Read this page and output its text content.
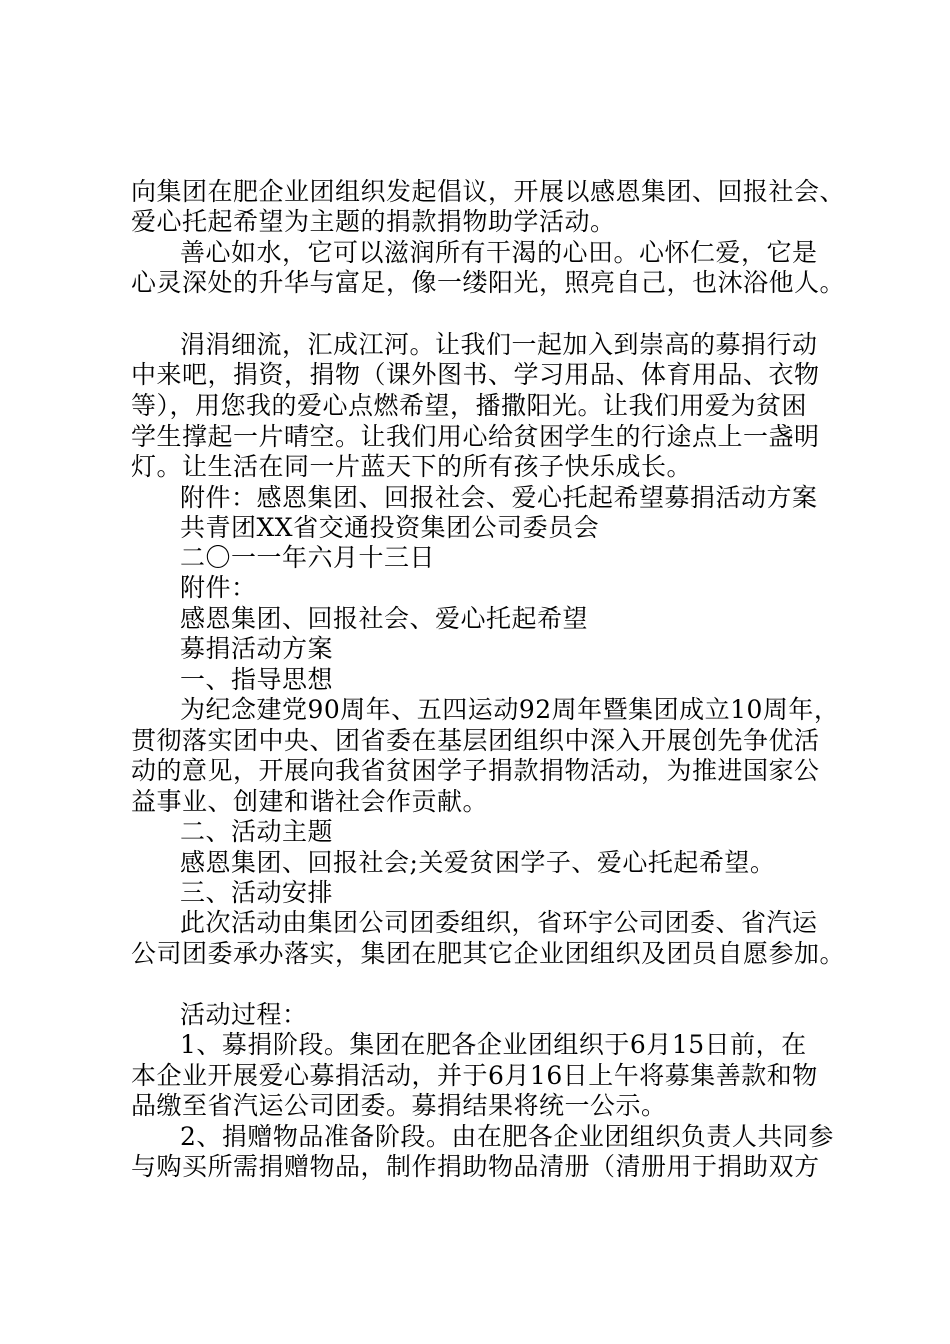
向集团在肥企业团组织发起倡议，开展以感恩集团、回报社会、
爱心托起希望为主题的捐款捐物助学活动。
善心如水，它可以滋润所有干渴的心田。心怀仁爱，它是
心灵深处的升华与富足，像一缕阳光，照亮自己，也沐浴他人。
涓涓细流，汇成江河。让我们一起加入到崇高的募捐行动
中来吧，捐资，捐物（课外图书、学习用品、体育用品、衣物
等），用您我的爱心点燃希望，播撒阳光。让我们用爱为贫困
学生撑起一片晴空。让我们用心给贫困学生的行途点上一盏明
灯。让生活在同一片蓝天下的所有孩子快乐成长。
附件：感恩集团、回报社会、爱心托起希望募捐活动方案
共青团XX省交通投资集团公司委员会
二〇一一年六月十三日
附件：
感恩集团、回报社会、爱心托起希望
募捐活动方案
一、指导思想
为纪念建党90周年、五四运动92周年暨集团成立10周年，
贯彻落实团中央、团省委在基层团组织中深入开展创先争优活
动的意见，开展向我省贫困学子捐款捐物活动，为推进国家公
益事业、创建和谐社会作贡献。
二、活动主题
感恩集团、回报社会;关爱贫困学子、爱心托起希望。
三、活动安排
此次活动由集团公司团委组织，省环宇公司团委、省汽运
公司团委承办落实，集团在肥其它企业团组织及团员自愿参加。
活动过程：
1、募捐阶段。集团在肥各企业团组织于6月15日前，在
本企业开展爱心募捐活动，并于6月16日上午将募集善款和物
品缴至省汽运公司团委。募捐结果将统一公示。
2、捐赠物品准备阶段。由在肥各企业团组织负责人共同参
与购买所需捐赠物品，制作捐助物品清册（清册用于捐助双方
